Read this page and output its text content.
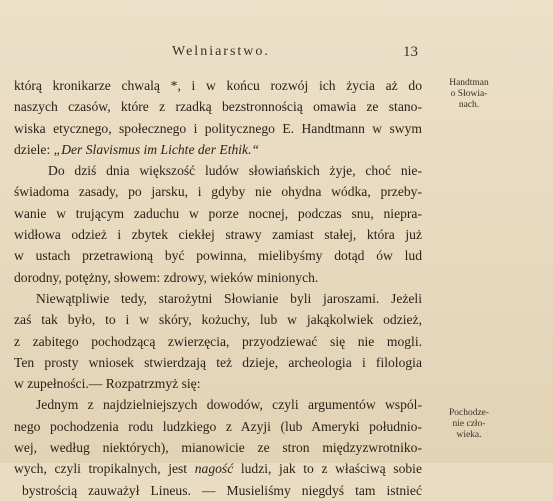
Welniarstwo.	13
Handtman
o Słowia-
nach.
Pochodze-
nie czło-
wieka.
którą kronikarze chwalą *, i w końcu rozwój ich życia aż do
naszych czasów, które z rzadką bezstronnością omawia ze stano-
wiska etycznego, społecznego i politycznego E. Handtmann w swym
dziele: „Der Slavismus im Lichte der Ethik.“
Do dziś dnia większość ludów słowiańskich żyje, choć nie-
świadoma zasady, po jarsku, i gdyby nie ohydna wódka, przeby-
wanie w trującym zaduchu w porze nocnej, podczas snu, niepra-
widłowa odzież i zbytek ciekłej strawy zamiast stałej, która już
w ustach przetrawioną być powinna, mielibyśmy dotąd ów lud
dorodny, potężny, słowem: zdrowy, wieków minionych.
Niewątpliwie tedy, starożytni Słowianie byli jaroszami. Jeżeli
zaś tak było, to i w skóry, kożuchy, lub w jakąkolwiek odzież,
z zabitego pochodzącą zwierzęcia, przyodziewać się nie mogli.
Ten prosty wniosek stwierdzają też dzieje, archeologia i filologia
w zupełności.— Rozpatrzmyż się:
Jednym z najdzielniejszych dowodów, czyli argumentów wspól-
nego pochodzenia rodu ludzkiego z Azyji (lub Ameryki południo-
wej, według niektórych), mianowicie ze stron międzyzwrotniko-
wych, czyli tropikalnych, jest nagość ludzi, jak to z właściwą sobie
bystrością zauważył Lineus. — Musieliśmy niegdyś tam istnieć
